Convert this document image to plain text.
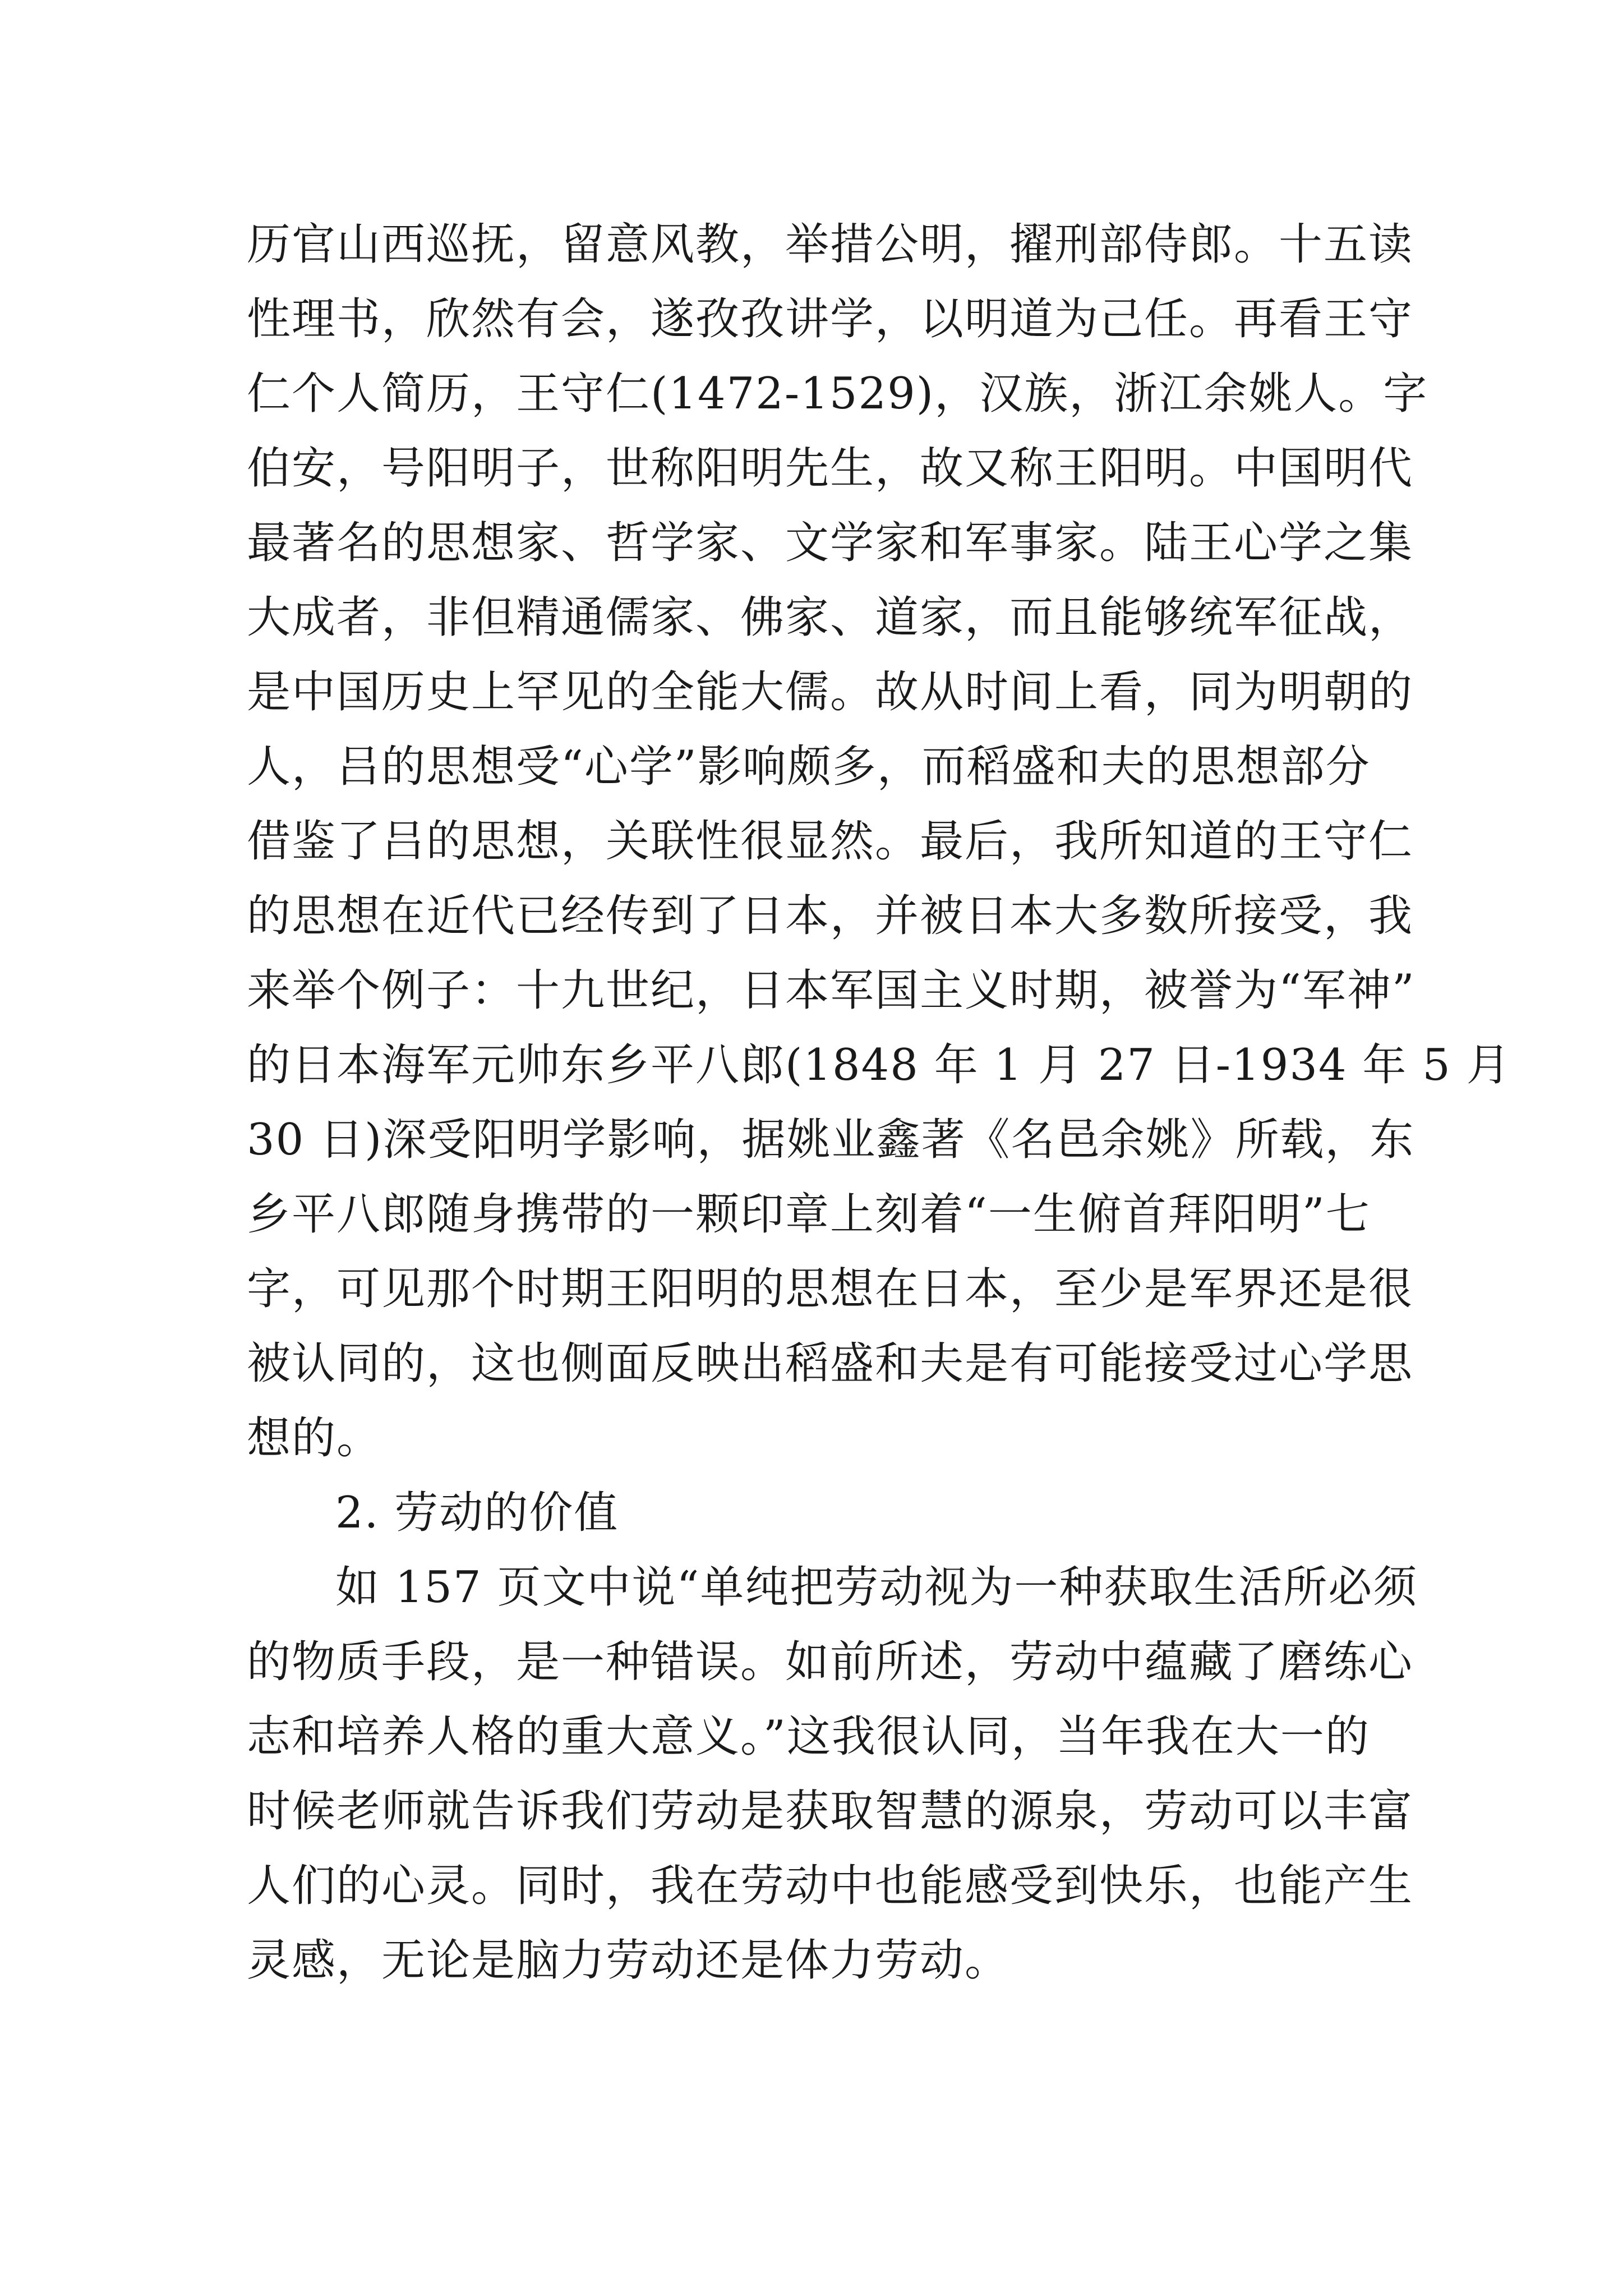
历官山西巡抚，留意风教，举措公明，擢刑部侍郎。十五读
性理书，欣然有会，遂孜孜讲学，以明道为己任。再看王守
仁个人简历，王守仁(1472-1529)，汉族，浙江余姚人。字
伯安，号阳明子，世称阳明先生，故又称王阳明。中国明代
最著名的思想家、哲学家、文学家和军事家。陆王心学之集
大成者，非但精通儒家、佛家、道家，而且能够统军征战，
是中国历史上罕见的全能大儒。故从时间上看，同为明朝的
人，吕的思想受“心学”影响颇多，而稻盛和夫的思想部分
借鉴了吕的思想，关联性很显然。最后，我所知道的王守仁
的思想在近代已经传到了日本，并被日本大多数所接受，我
来举个例子：十九世纪，日本军国主义时期，被誉为“军神”
的日本海军元帅东乡平八郎(1848 年 1 月 27 日-1934 年 5 月
30 日)深受阳明学影响，据姚业鑫著《名邑余姚》所载，东
乡平八郎随身携带的一颗印章上刻着“一生俯首拜阳明”七
字，可见那个时期王阳明的思想在日本，至少是军界还是很
被认同的，这也侧面反映出稻盛和夫是有可能接受过心学思
想的。
2. 劳动的价值
如 157 页文中说“单纯把劳动视为一种获取生活所必须
的物质手段，是一种错误。如前所述，劳动中蕴藏了磨练心
志和培养人格的重大意义。”这我很认同，当年我在大一的
时候老师就告诉我们劳动是获取智慧的源泉，劳动可以丰富
人们的心灵。同时，我在劳动中也能感受到快乐，也能产生
灵感，无论是脑力劳动还是体力劳动。
